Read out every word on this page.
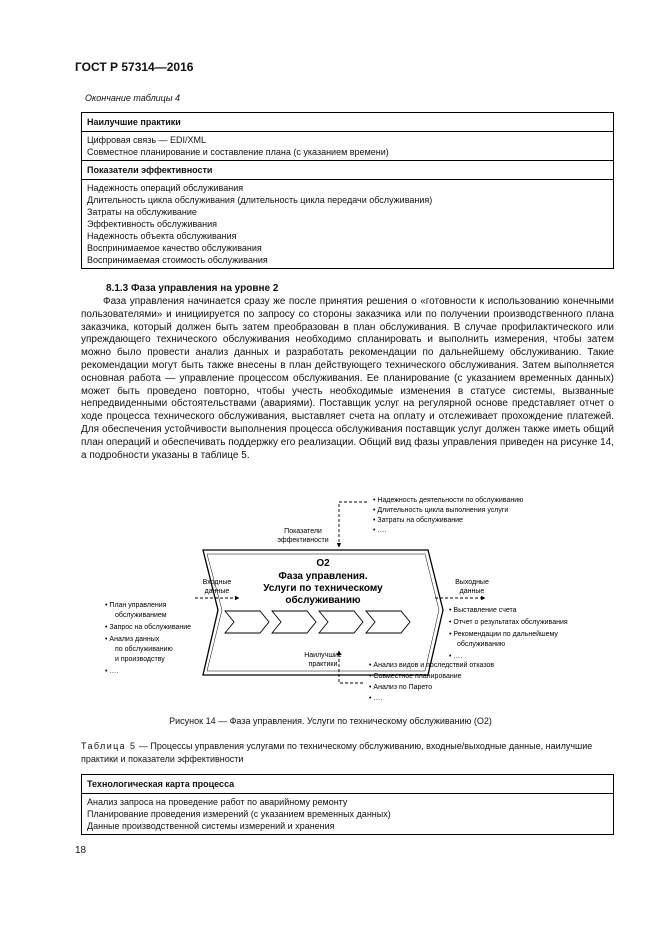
ГОСТ Р 57314—2016
Окончание таблицы 4
Наилучшие практики

Цифровая связь — EDI/XML
Совместное планирование и составление плана (с указанием времени)

Показатели эффективности

Надежность операций обслуживания
Длительность цикла обслуживания (длительность цикла передачи обслуживания)
Затраты на обслуживание
Эффективность обслуживания
Надежность объекта обслуживания
Воспринимаемое качество обслуживания
Воспринимаемая стоимость обслуживания
8.1.3 Фаза управления на уровне 2
Фаза управления начинается сразу же после принятия решения о «готовности к использованию конечными пользователями» и инициируется по запросу со стороны заказчика или по получении производственного плана заказчика, который должен быть затем преобразован в план обслуживания. В случае профилактического или упреждающего технического обслуживания необходимо спланировать и выполнить измерения, чтобы затем можно было провести анализ данных и разработать рекомендации по дальнейшему обслуживанию. Такие рекомендации могут быть также внесены в план действующего технического обслуживания. Затем выполняется основная работа — управление процессом обслуживания. Ее планирование (с указанием временных данных) может быть проведено повторно, чтобы учесть необходимые изменения в статусе системы, вызванные непредвиденными обстоятельствами (авариями). Поставщик услуг на регулярной основе представляет отчет о ходе процесса технического обслуживания, выставляет счета на оплату и отслеживает прохождение платежей. Для обеспечения устойчивости выполнения процесса обслуживания поставщик услуг должен также иметь общий план операций и обеспечивать поддержку его реализации. Общий вид фазы управления приведен на рисунке 14, а подробности указаны в таблице 5.
О2
Фаза управления.
Услуги по техническому
обслуживанию
Показатели
эффективности
• Надежность деятельности по обслуживанию
• Длительность цикла выполнения услуги
• Затраты на обслуживание
• ….
Входные
данные
• План управления
обслуживанием
• Запрос на обслуживание
• Анализ данных
по обслуживанию
и производству
• ….
Выходные
данные
• Выставление счета
• Отчет о результатах обслуживания
• Рекомендации по дальнейшему
обслуживанию
• ….
Наилучшие
практики	• Анализ видов и последствий отказов
• Совместное планирование
• Анализ по Парето
• ….
Рисунок 14 — Фаза управления. Услуги по техническому обслуживанию (О2)
Таблица 5 — Процессы управления услугами по техническому обслуживанию, входные/выходные данные, наилучшие практики и показатели эффективности
Технологическая карта процесса

Анализ запроса на проведение работ по аварийному ремонту
Планирование проведения измерений (с указанием временных данных)
Данные производственной системы измерений и хранения
18
